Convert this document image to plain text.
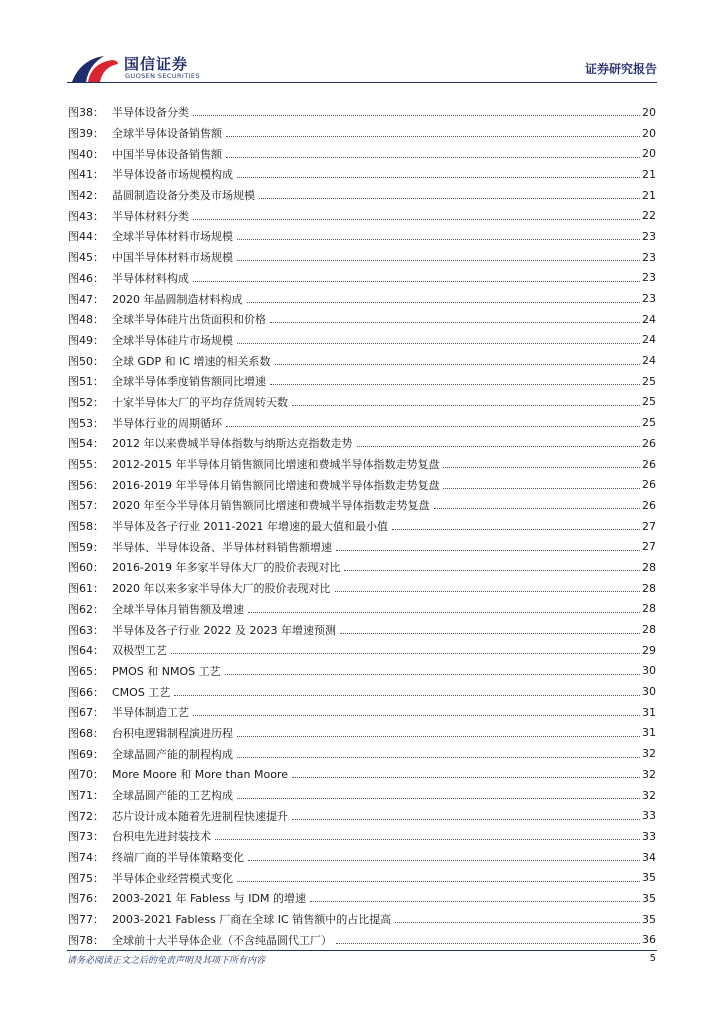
国信证券
GUOSEN SECURITIES	证券研究报告
图38： 半导体设备分类	20
图39： 全球半导体设备销售额	20
图40： 中国半导体设备销售额	20
图41： 半导体设备市场规模构成	21
图42： 晶圆制造设备分类及市场规模	21
图43： 半导体材料分类	22
图44： 全球半导体材料市场规模	23
图45： 中国半导体材料市场规模	23
图46： 半导体材料构成	23
图47： 2020 年晶圆制造材料构成	23
图48： 全球半导体硅片出货面积和价格	24
图49： 全球半导体硅片市场规模	24
图50： 全球 GDP 和 IC 增速的相关系数	24
图51： 全球半导体季度销售额同比增速	25
图52： 十家半导体大厂的平均存货周转天数	25
图53： 半导体行业的周期循环	25
图54： 2012 年以来费城半导体指数与纳斯达克指数走势	26
图55： 2012-2015 年半导体月销售额同比增速和费城半导体指数走势复盘	26
图56： 2016-2019 年半导体月销售额同比增速和费城半导体指数走势复盘	26
图57： 2020 年至今半导体月销售额同比增速和费城半导体指数走势复盘	26
图58： 半导体及各子行业 2011-2021 年增速的最大值和最小值	27
图59： 半导体、半导体设备、半导体材料销售额增速	27
图60： 2016-2019 年多家半导体大厂的股价表现对比	28
图61： 2020 年以来多家半导体大厂的股价表现对比	28
图62： 全球半导体月销售额及增速	28
图63： 半导体及各子行业 2022 及 2023 年增速预测	28
图64： 双极型工艺	29
图65： PMOS 和 NMOS 工艺	30
图66： CMOS 工艺	30
图67： 半导体制造工艺	31
图68： 台积电逻辑制程演进历程	31
图69： 全球晶圆产能的制程构成	32
图70： More Moore 和 More than Moore	32
图71： 全球晶圆产能的工艺构成	32
图72： 芯片设计成本随着先进制程快速提升	33
图73： 台积电先进封装技术	33
图74： 终端厂商的半导体策略变化	34
图75： 半导体企业经营模式变化	35
图76： 2003-2021 年 Fabless 与 IDM 的增速	35
图77： 2003-2021 Fabless 厂商在全球 IC 销售额中的占比提高	35
图78： 全球前十大半导体企业（不含纯晶圆代工厂）	36
请务必阅读正文之后的免责声明及其项下所有内容	5
